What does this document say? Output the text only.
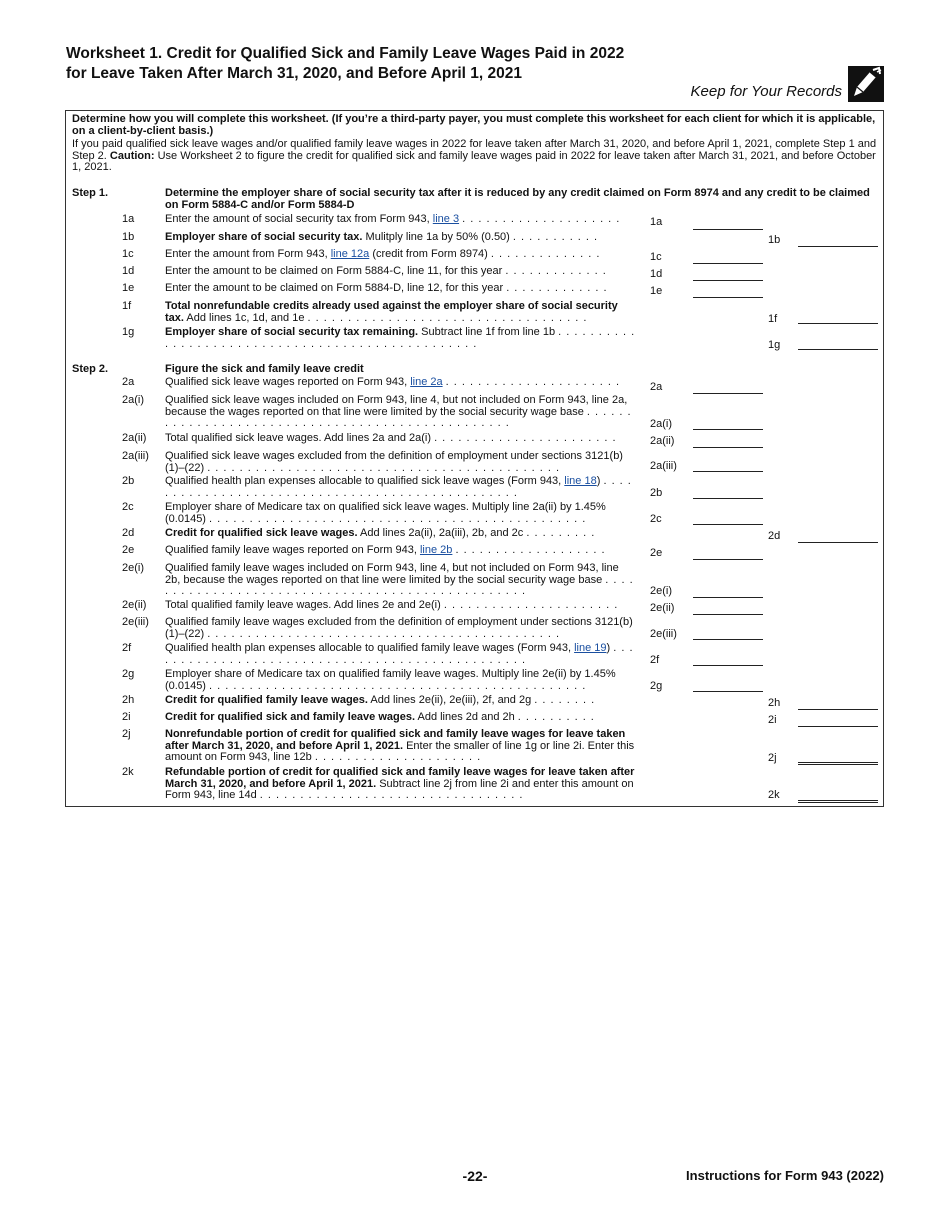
Worksheet 1. Credit for Qualified Sick and Family Leave Wages Paid in 2022 for Leave Taken After March 31, 2020, and Before April 1, 2021
Keep for Your Records
Determine how you will complete this worksheet. (If you’re a third-party payer, you must complete this worksheet for each client for which it is applicable, on a client-by-client basis.)
If you paid qualified sick leave wages and/or qualified family leave wages in 2022 for leave taken after March 31, 2020, and before April 1, 2021, complete Step 1 and Step 2. Caution: Use Worksheet 2 to figure the credit for qualified sick and family leave wages paid in 2022 for leave taken after March 31, 2021, and before October 1, 2021.
Step 1.	Determine the employer share of social security tax after it is reduced by any credit claimed on Form 8974 and any credit to be claimed on Form 5884-C and/or Form 5884-D
1a	Enter the amount of social security tax from Form 943, line 3 . . . . . . . . . . . . . . . . . . . .	1a
1b	Employer share of social security tax. Mulitply line 1a by 50% (0.50) . . . . . . . . . . .	1b
1c	Enter the amount from Form 943, line 12a (credit from Form 8974) . . . . . . . . . . . . . .	1c
1d	Enter the amount to be claimed on Form 5884-C, line 11, for this year . . . . . . . . . . . . .	1d
1e	Enter the amount to be claimed on Form 5884-D, line 12, for this year . . . . . . . . . . . . .	1e
1f	Total nonrefundable credits already used against the employer share of social security tax. Add lines 1c, 1d, and 1e . . . . . . . . . . . . . . . . . . . . . . . . . . . . . . . . . . .	1f
1g	Employer share of social security tax remaining. Subtract line 1f from line 1b . . . . . . . . . . . . . . . . . . . . . . . . . . . . . . . . . . . . . . . . . . . . . . . . .	1g
Step 2.	Figure the sick and family leave credit
2a	Qualified sick leave wages reported on Form 943, line 2a . . . . . . . . . . . . . . . . . . . . . .	2a
2a(i) Qualified sick leave wages included on Form 943, line 4, but not included on Form 943, line 2a, because the wages reported on that line were limited by the social security wage base . . . . . . . . . . . . . . . . . . . . . . . . . . . . . . . . . . . . . . . . . . . . . . . . .	2a(i)
2a(ii) Total qualified sick leave wages. Add lines 2a and 2a(i) . . . . . . . . . . . . . . . . . . . . . . .	2a(ii)
2a(iii) Qualified sick leave wages excluded from the definition of employment under sections 3121(b)(1)–(22) . . . . . . . . . . . . . . . . . . . . . . . . . . . . . . . . . . . . . . . . . . . .	2a(iii)
2b	Qualified health plan expenses allocable to qualified sick leave wages (Form 943, line 18) . . . . . . . . . . . . . . . . . . . . . . . . . . . . . . . . . . . . . . . . . . . . . . . .	2b
2c	Employer share of Medicare tax on qualified sick leave wages. Multiply line 2a(ii) by 1.45% (0.0145) . . . . . . . . . . . . . . . . . . . . . . . . . . . . . . . . . . . . . . . . . . . . . . .	2c
2d	Credit for qualified sick leave wages. Add lines 2a(ii), 2a(iii), 2b, and 2c . . . . . . . . .	2d
2e	Qualified family leave wages reported on Form 943, line 2b . . . . . . . . . . . . . . . . . . .	2e
2e(i) Qualified family leave wages included on Form 943, line 4, but not included on Form 943, line 2b, because the wages reported on that line were limited by the social security wage base . . . . . . . . . . . . . . . . . . . . . . . . . . . . . . . . . . . . . . . . . . . . . . . . .	2e(i)
2e(ii) Total qualified family leave wages. Add lines 2e and 2e(i) . . . . . . . . . . . . . . . . . . . . . .	2e(ii)
2e(iii) Qualified family leave wages excluded from the definition of employment under sections 3121(b)(1)–(22) . . . . . . . . . . . . . . . . . . . . . . . . . . . . . . . . . . . . . . . . . . . .	2e(iii)
2f	Qualified health plan expenses allocable to qualified family leave wages (Form 943, line 19) . . . . . . . . . . . . . . . . . . . . . . . . . . . . . . . . . . . . . . . . . . . . . . . .	2f
2g	Employer share of Medicare tax on qualified family leave wages. Multiply line 2e(ii) by 1.45% (0.0145) . . . . . . . . . . . . . . . . . . . . . . . . . . . . . . . . . . . . . . . . . . . . . . .	2g
2h	Credit for qualified family leave wages. Add lines 2e(ii), 2e(iii), 2f, and 2g . . . . . . . .	2h
2i	Credit for qualified sick and family leave wages. Add lines 2d and 2h . . . . . . . . . .	2i
2j	Nonrefundable portion of credit for qualified sick and family leave wages for leave taken after March 31, 2020, and before April 1, 2021. Enter the smaller of line 1g or line 2i. Enter this amount on Form 943, line 12b . . . . . . . . . . . . . . . . . . . . .	2j
2k	Refundable portion of credit for qualified sick and family leave wages for leave taken after March 31, 2020, and before April 1, 2021. Subtract line 2j from line 2i and enter this amount on Form 943, line 14d . . . . . . . . . . . . . . . . . . . . . . . . . . . . . . . . .	2k
-22-	Instructions for Form 943 (2022)
